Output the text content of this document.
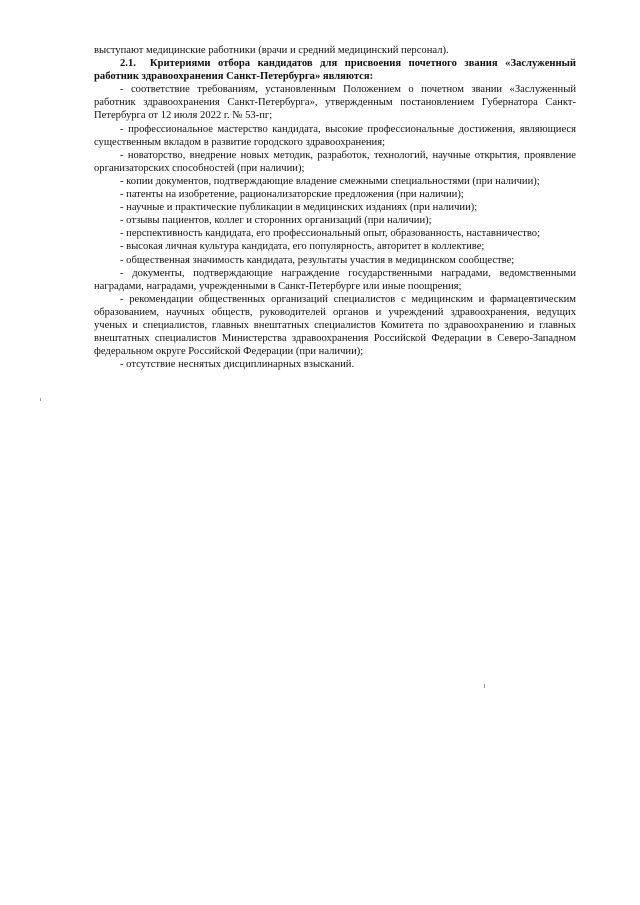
выступают медицинские работники (врачи и средний медицинский персонал).

2.1. Критериями отбора кандидатов для присвоения почетного звания «Заслуженный работник здравоохранения Санкт-Петербурга» являются:

- соответствие требованиям, установленным Положением о почетном звании «Заслуженный работник здравоохранения Санкт-Петербурга», утвержденным постановлением Губернатора Санкт-Петербурга от 12 июля 2022 г. № 53-пг;

- профессиональное мастерство кандидата, высокие профессиональные достижения, являющиеся существенным вкладом в развитие городского здравоохранения;

- новаторство, внедрение новых методик, разработок, технологий, научные открытия, проявление организаторских способностей (при наличии);

- копии документов, подтверждающие владение смежными специальностями (при наличии);

- патенты на изобретение, рационализаторские предложения (при наличии);

- научные и практические публикации в медицинских изданиях (при наличии);

- отзывы пациентов, коллег и сторонних организаций (при наличии);

- перспективность кандидата, его профессиональный опыт, образованность, наставничество;

- высокая личная культура кандидата, его популярность, авторитет в коллективе;

- общественная значимость кандидата, результаты участия в медицинском сообществе;

- документы, подтверждающие награждение государственными наградами, ведомственными наградами, наградами, учрежденными в Санкт-Петербурге или иные поощрения;

- рекомендации общественных организаций специалистов с медицинским и фармацевтическим образованием, научных обществ, руководителей органов и учреждений здравоохранения, ведущих ученых и специалистов, главных внештатных специалистов Комитета по здравоохранению и главных внештатных специалистов Министерства здравоохранения Российской Федерации в Северо-Западном федеральном округе Российской Федерации (при наличии);

- отсутствие неснятых дисциплинарных взысканий.
